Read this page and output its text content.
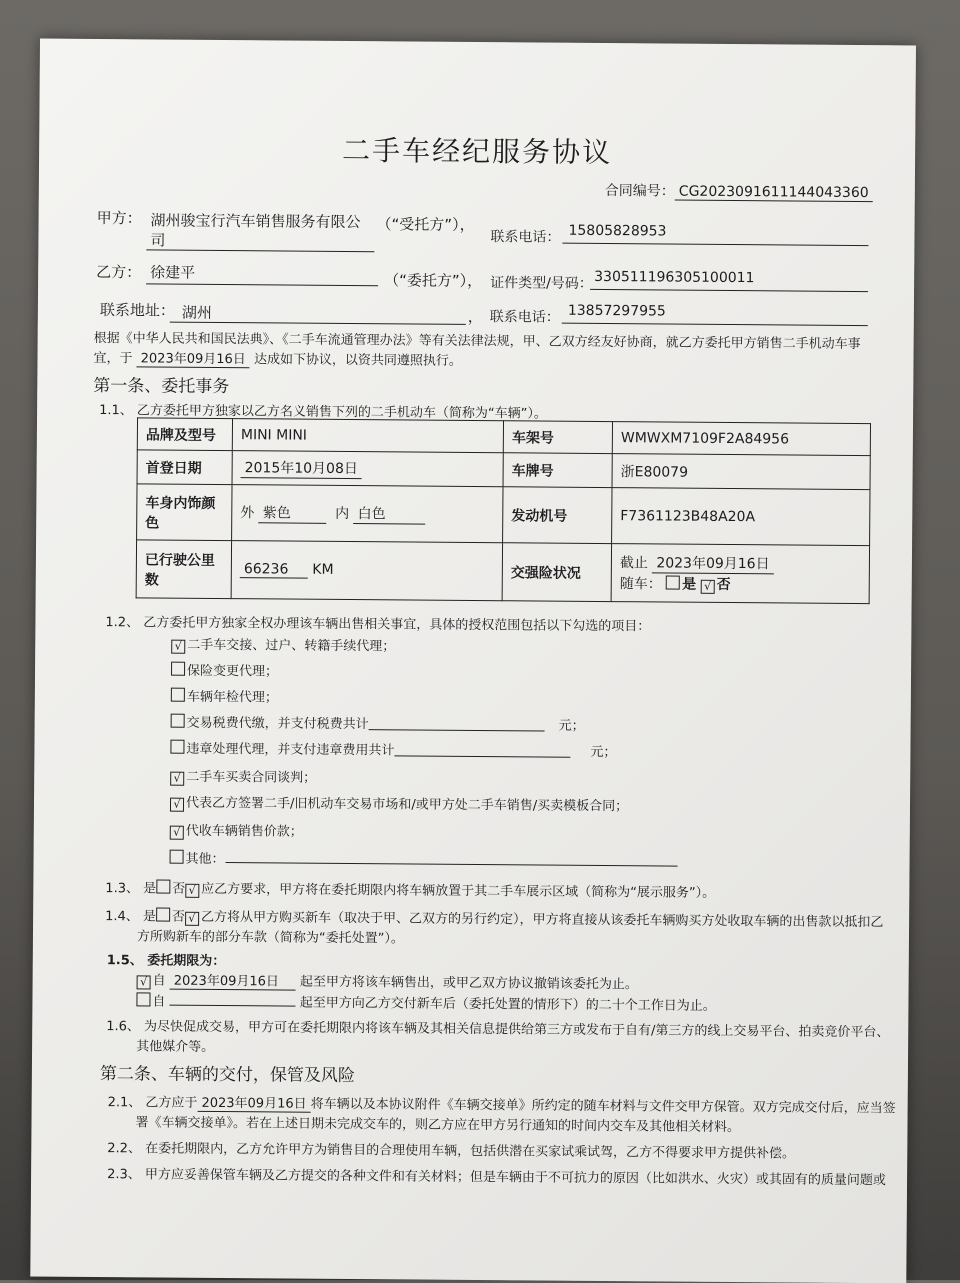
二手车经纪服务协议
合同编号： CG20230916111440433​60
甲方： 湖州骏宝行汽车销售服务有限公
司
（“受托方”），
联系电话： 15805828953
乙方： 徐建平	（“委托方”）， 证件类型/号码： 330511196305100011
联系地址： 湖州	， 联系电话： 13857297955
根据《中华人民共和国民法典》、《二手车流通管理办法》等有关法律法规，甲、乙双方经友好协商，就乙方委托甲方销售二手机动车事
宜，于 2023年09月16日 达成如下协议，以资共同遵照执行。
第一条、委托事务
1.1、 乙方委托甲方独家以乙方名义销售下列的二手机动车（简称为“车辆”）。
品牌及型号	MINI MINI	车架号	WMWXM7109F2A84956
首登日期	2015年10月08日	车牌号	浙E80079
车身内饰颜色	外 紫色 内 白色	发动机号	F7361123B48A20A
已行驶公里数	66236 KM	交强险状况	截止 2023年09月16日
随车： 是 √ 否
1.2、 乙方委托甲方独家全权办理该车辆出售相关事宜，具体的授权范围包括以下勾选的项目：
√ 二手车交接、过户、转籍手续代理；
保险变更代理；
车辆年检代理；
交易税费代缴，并支付税费共计	元；
违章处理代理，并支付违章费用共计	元；
√ 二手车买卖合同谈判；
√ 代表乙方签署二手/旧机动车交易市场和/或甲方处二手车销售/买卖模板合同；
√ 代收车辆销售价款；
其他：
1.3、 是 否 √ 应乙方要求，甲方将在委托期限内将车辆放置于其二手车展示区域（简称为“展示服务”）。
1.4、 是 否 √ 乙方将从甲方购买新车（取决于甲、乙双方的另行约定），甲方将直接从该委托车辆购买方处收取车辆的出售款以抵扣乙
方所购新车的部分车款（简称为“委托处置”）。
1.5、 委托期限为：
√ 自 2023年09月16日 起至甲方将该车辆售出，或甲乙双方协议撤销该委托为止。
自	起至甲方向乙方交付新车后（委托处置的情形下）的二十个工作日为止。
1.6、 为尽快促成交易，甲方可在委托期限内将该车辆及其相关信息提供给第三方或发布于自有/第三方的线上交易平台、拍卖竞价平台、
其他媒介等。
第二条、车辆的交付，保管及风险
2.1、 乙方应于 2023年09月16日 将车辆以及本协议附件《车辆交接单》所约定的随车材料与文件交甲方保管。双方完成交付后，应当签
署《车辆交接单》。若在上述日期未完成交车的，则乙方应在甲方另行通知的时间内交车及其他相关材料。
2.2、 在委托期限内，乙方允许甲方为销售目的合理使用车辆，包括供潜在买家试乘试驾，乙方不得要求甲方提供补偿。
2.3、 甲方应妥善保管车辆及乙方提交的各种文件和有关材料；但是车辆由于不可抗力的原因（比如洪水、火灾）或其固有的质量问题或
